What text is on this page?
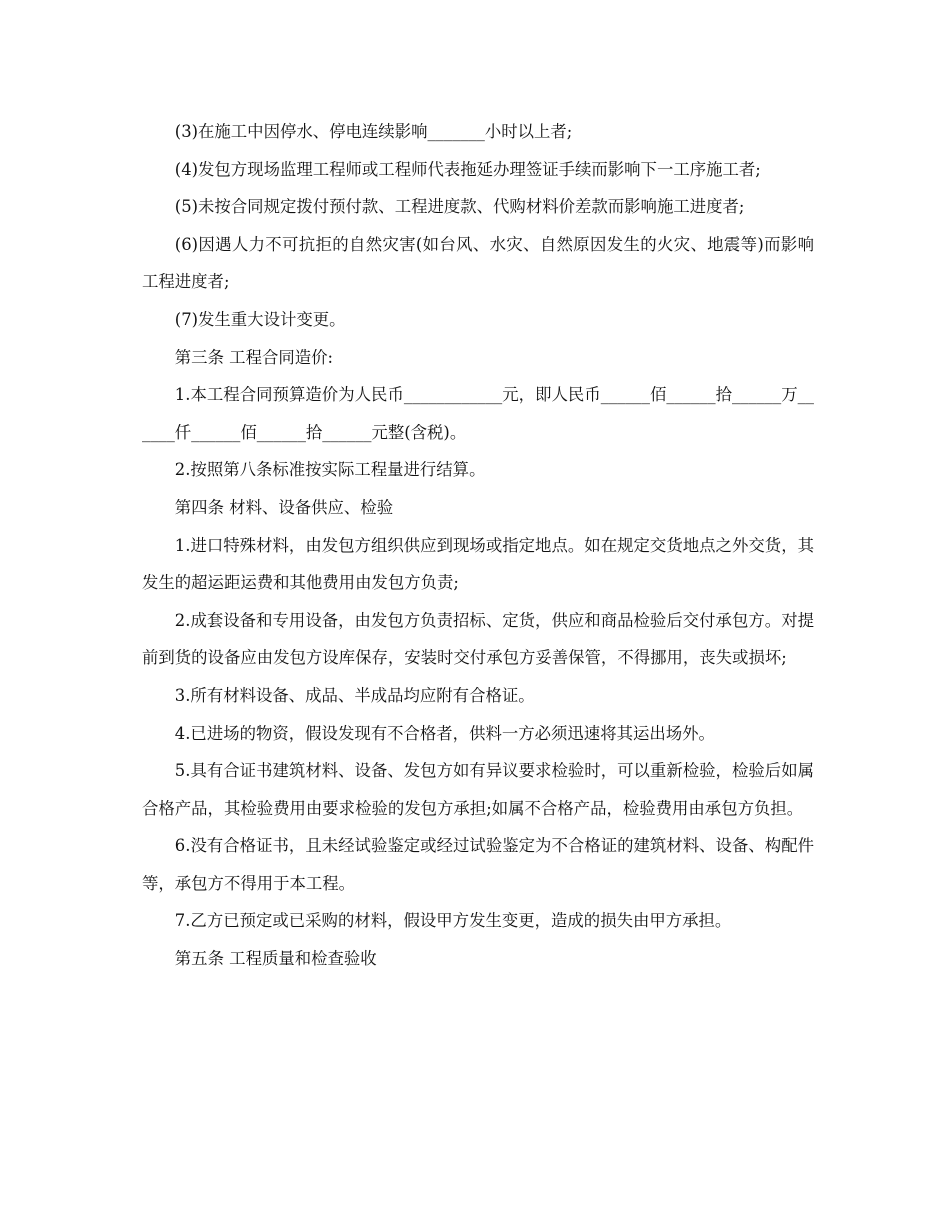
(3)在施工中因停水、停电连续影响_______小时以上者;

(4)发包方现场监理工程师或工程师代表拖延办理签证手续而影响下一工序施工者;

(5)未按合同规定拨付预付款、工程进度款、代购材料价差款而影响施工进度者;

(6)因遇人力不可抗拒的自然灾害(如台风、水灾、自然原因发生的火灾、地震等)而影响工程进度者;

(7)发生重大设计变更。

第三条 工程合同造价:

1.本工程合同预算造价为人民币____________元，即人民币______佰______拾______万______仟______佰______拾______元整(含税)。

2.按照第八条标准按实际工程量进行结算。

第四条 材料、设备供应、检验

1.进口特殊材料，由发包方组织供应到现场或指定地点。如在规定交货地点之外交货，其发生的超运距运费和其他费用由发包方负责;

2.成套设备和专用设备，由发包方负责招标、定货，供应和商品检验后交付承包方。对提前到货的设备应由发包方设库保存，安装时交付承包方妥善保管，不得挪用，丧失或损坏;

3.所有材料设备、成品、半成品均应附有合格证。

4.已进场的物资，假设发现有不合格者，供料一方必须迅速将其运出场外。

5.具有合证书建筑材料、设备、发包方如有异议要求检验时，可以重新检验，检验后如属合格产品，其检验费用由要求检验的发包方承担;如属不合格产品，检验费用由承包方负担。

6.没有合格证书，且未经试验鉴定或经过试验鉴定为不合格证的建筑材料、设备、构配件等，承包方不得用于本工程。

7.乙方已预定或已采购的材料，假设甲方发生变更，造成的损失由甲方承担。

第五条 工程质量和检查验收
